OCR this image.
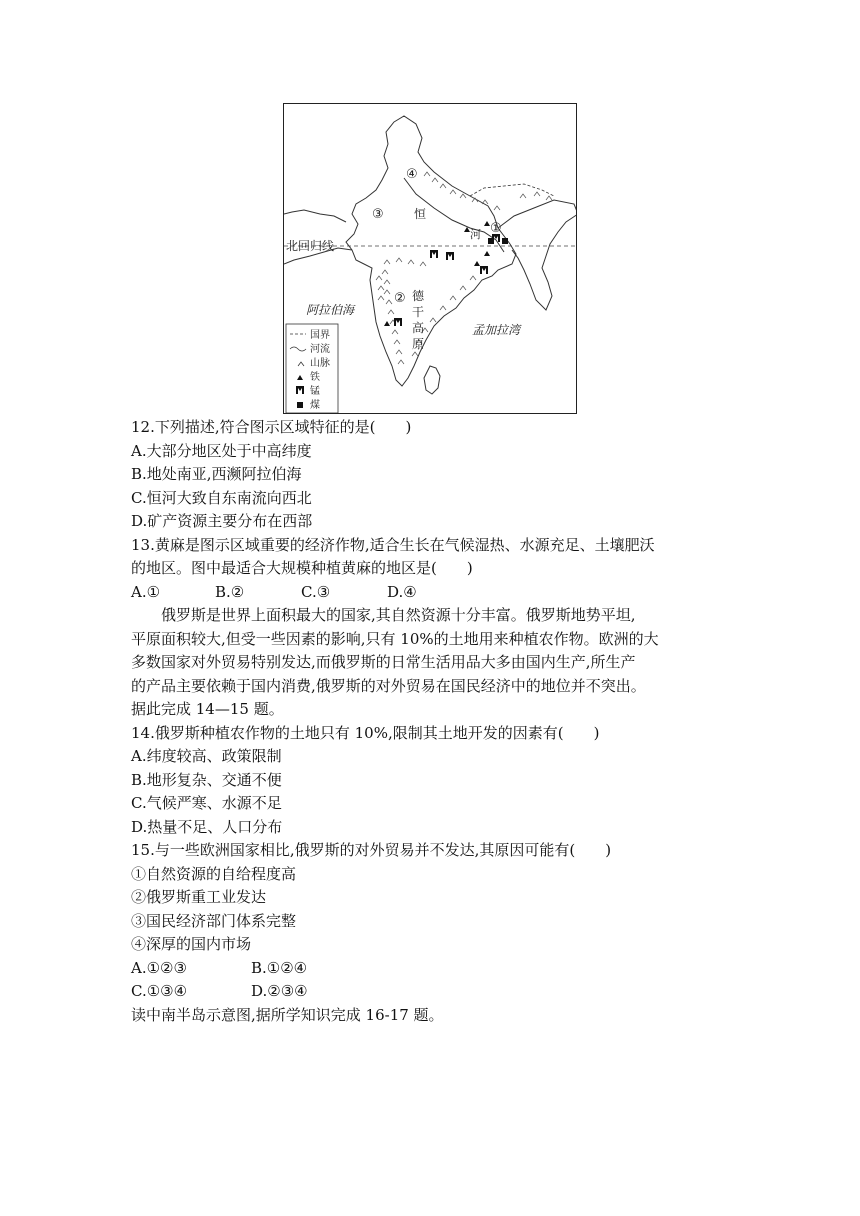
④
③
①
②
恒
河
北回归线
阿拉伯海
孟加拉湾
德
干
高
原
国界
河流
山脉
铁
锰
煤
12.下列描述,符合图示区域特征的是(　　)
A.大部分地区处于中高纬度
B.地处南亚,西濒阿拉伯海
C.恒河大致自东南流向西北
D.矿产资源主要分布在西部
13.黄麻是图示区域重要的经济作物,适合生长在气候湿热、水源充足、土壤肥沃
的地区。图中最适合大规模种植黄麻的地区是(　　)
A.①	B.②	C.③	D.④
俄罗斯是世界上面积最大的国家,其自然资源十分丰富。俄罗斯地势平坦,
平原面积较大,但受一些因素的影响,只有 10%的土地用来种植农作物。欧洲的大
多数国家对外贸易特别发达,而俄罗斯的日常生活用品大多由国内生产,所生产
的产品主要依赖于国内消费,俄罗斯的对外贸易在国民经济中的地位并不突出。
据此完成 14—15 题。
14.俄罗斯种植农作物的土地只有 10%,限制其土地开发的因素有(　　)
A.纬度较高、政策限制
B.地形复杂、交通不便
C.气候严寒、水源不足
D.热量不足、人口分布
15.与一些欧洲国家相比,俄罗斯的对外贸易并不发达,其原因可能有(　　)
①自然资源的自给程度高
②俄罗斯重工业发达
③国民经济部门体系完整
④深厚的国内市场
A.①②③	B.①②④
C.①③④	D.②③④
读中南半岛示意图,据所学知识完成 16-17 题。
